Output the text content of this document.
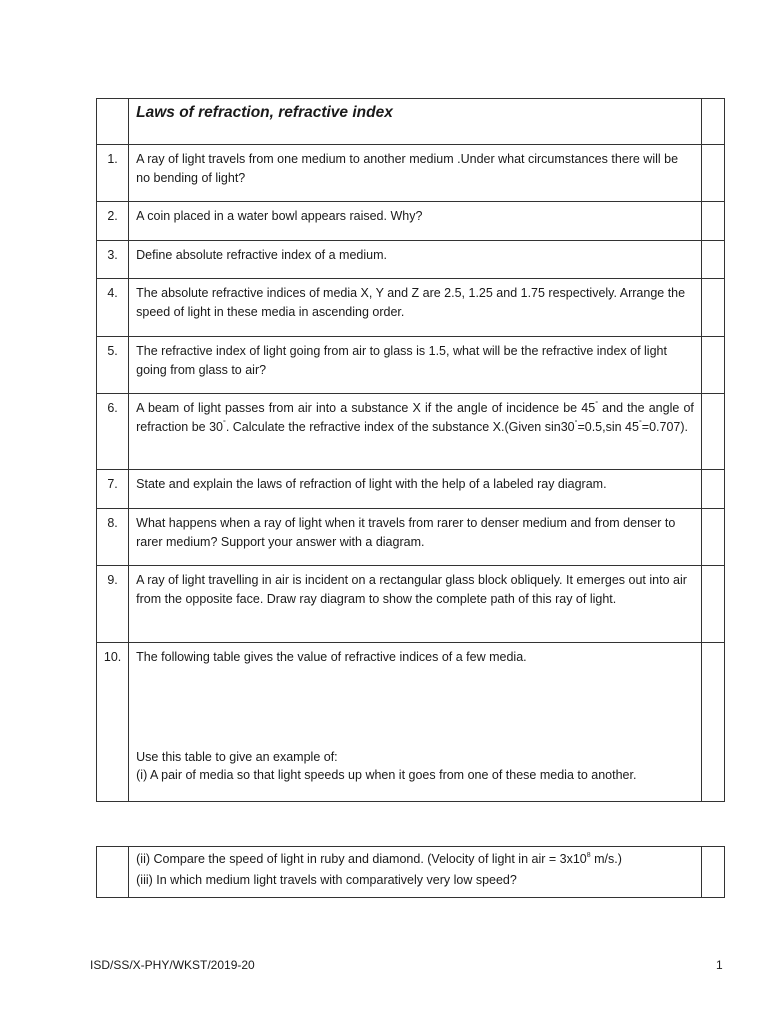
	Laws of refraction, refractive index	

1.	A ray of light travels from one medium to another medium .Under what circumstances there will be no bending of light?	

2.	A coin placed in a water bowl appears raised. Why?	

3.	Define absolute refractive index of a medium.	

4.	The absolute refractive indices of media X, Y and Z are 2.5, 1.25 and 1.75 respectively. Arrange the speed of light in these media in ascending order.	

5.	The refractive index of light going from air to glass is 1.5, what will be the refractive index of light going from glass to air?	

6.	A beam of light passes from air into a substance X if the angle of incidence be 45° and the angle of refraction be 30°. Calculate the refractive index of the substance X.(Given sin30°=0.5,sin 45°=0.707).	

7.	State and explain the laws of refraction of light with the help of a labeled ray diagram.	

8.	What happens when a ray of light when it travels from rarer to denser medium and from denser to rarer medium? Support your answer with a diagram.	

9.	A ray of light travelling in air is incident on a rectangular glass block obliquely. It emerges out into air from the opposite face. Draw ray diagram to show the complete path of this ray of light.	

10.	The following table gives the value of refractive indices of a few media.
Use this table to give an example of:
(i) A pair of media so that light speeds up when it goes from one of these media to another.	

(ii) Compare the speed of light in ruby and diamond. (Velocity of light in air = $3x10^8$ m/s.)
(iii) In which medium light travels with comparatively very low speed?

ISD/SS/X-PHY/WKST/2019-20	1
